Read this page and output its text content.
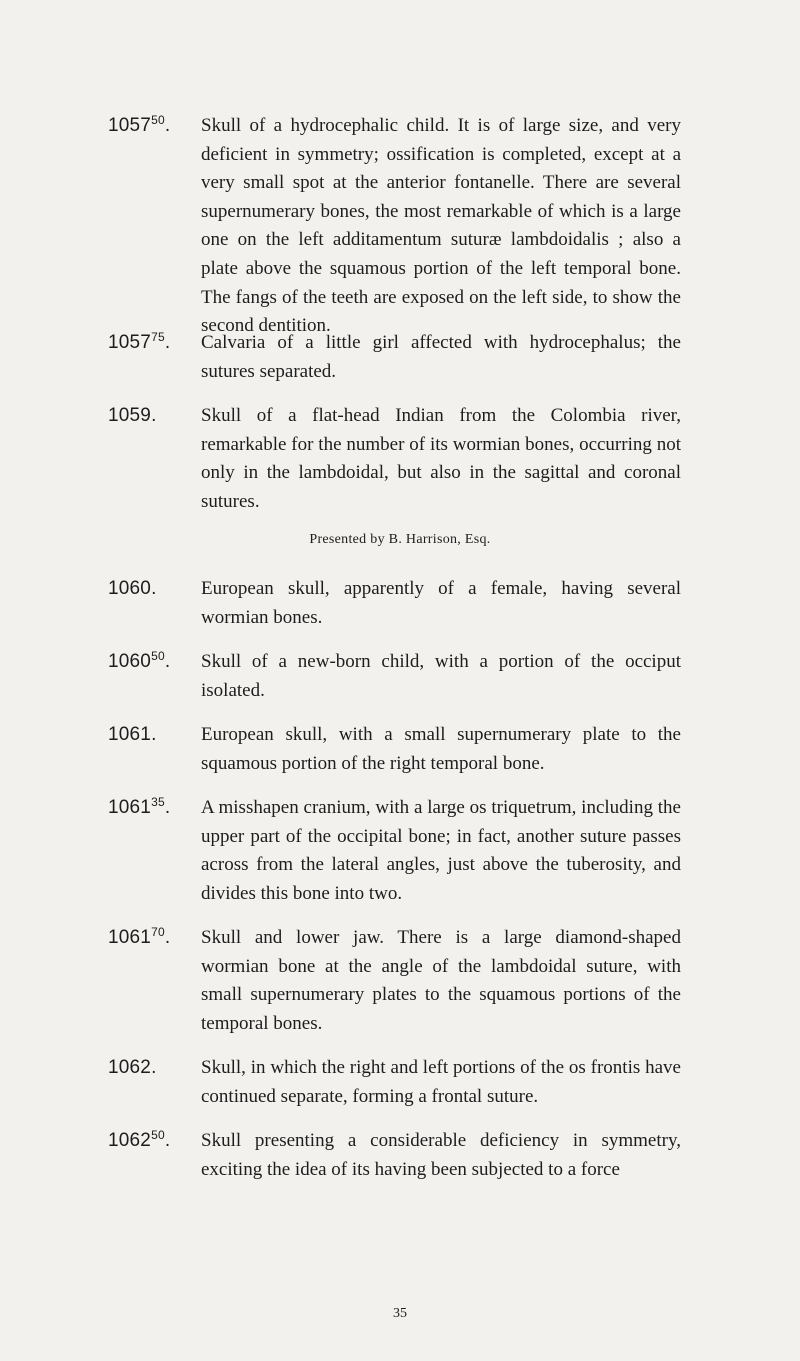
1057$^{50}$. Skull of a hydrocephalic child. It is of large size, and very deficient in symmetry; ossification is completed, except at a very small spot at the anterior fontanelle. There are several supernumerary bones, the most remarkable of which is a large one on the left additamentum suturæ lambdoidalis ; also a plate above the squamous portion of the left temporal bone. The fangs of the teeth are exposed on the left side, to show the second dentition.
1057$^{75}$. Calvaria of a little girl affected with hydrocephalus; the sutures separated.
1059. Skull of a flat-head Indian from the Colombia river, remarkable for the number of its wormian bones, occurring not only in the lambdoidal, but also in the sagittal and coronal sutures.
Presented by B. Harrison, Esq.
1060. European skull, apparently of a female, having several wormian bones.
1060$^{50}$. Skull of a new-born child, with a portion of the occiput isolated.
1061. European skull, with a small supernumerary plate to the squamous portion of the right temporal bone.
1061$^{35}$. A misshapen cranium, with a large os triquetrum, including the upper part of the occipital bone; in fact, another suture passes across from the lateral angles, just above the tuberosity, and divides this bone into two.
1061$^{70}$. Skull and lower jaw. There is a large diamond-shaped wormian bone at the angle of the lambdoidal suture, with small supernumerary plates to the squamous portions of the temporal bones.
1062. Skull, in which the right and left portions of the os frontis have continued separate, forming a frontal suture.
1062$^{50}$. Skull presenting a considerable deficiency in symmetry, exciting the idea of its having been subjected to a force
35
